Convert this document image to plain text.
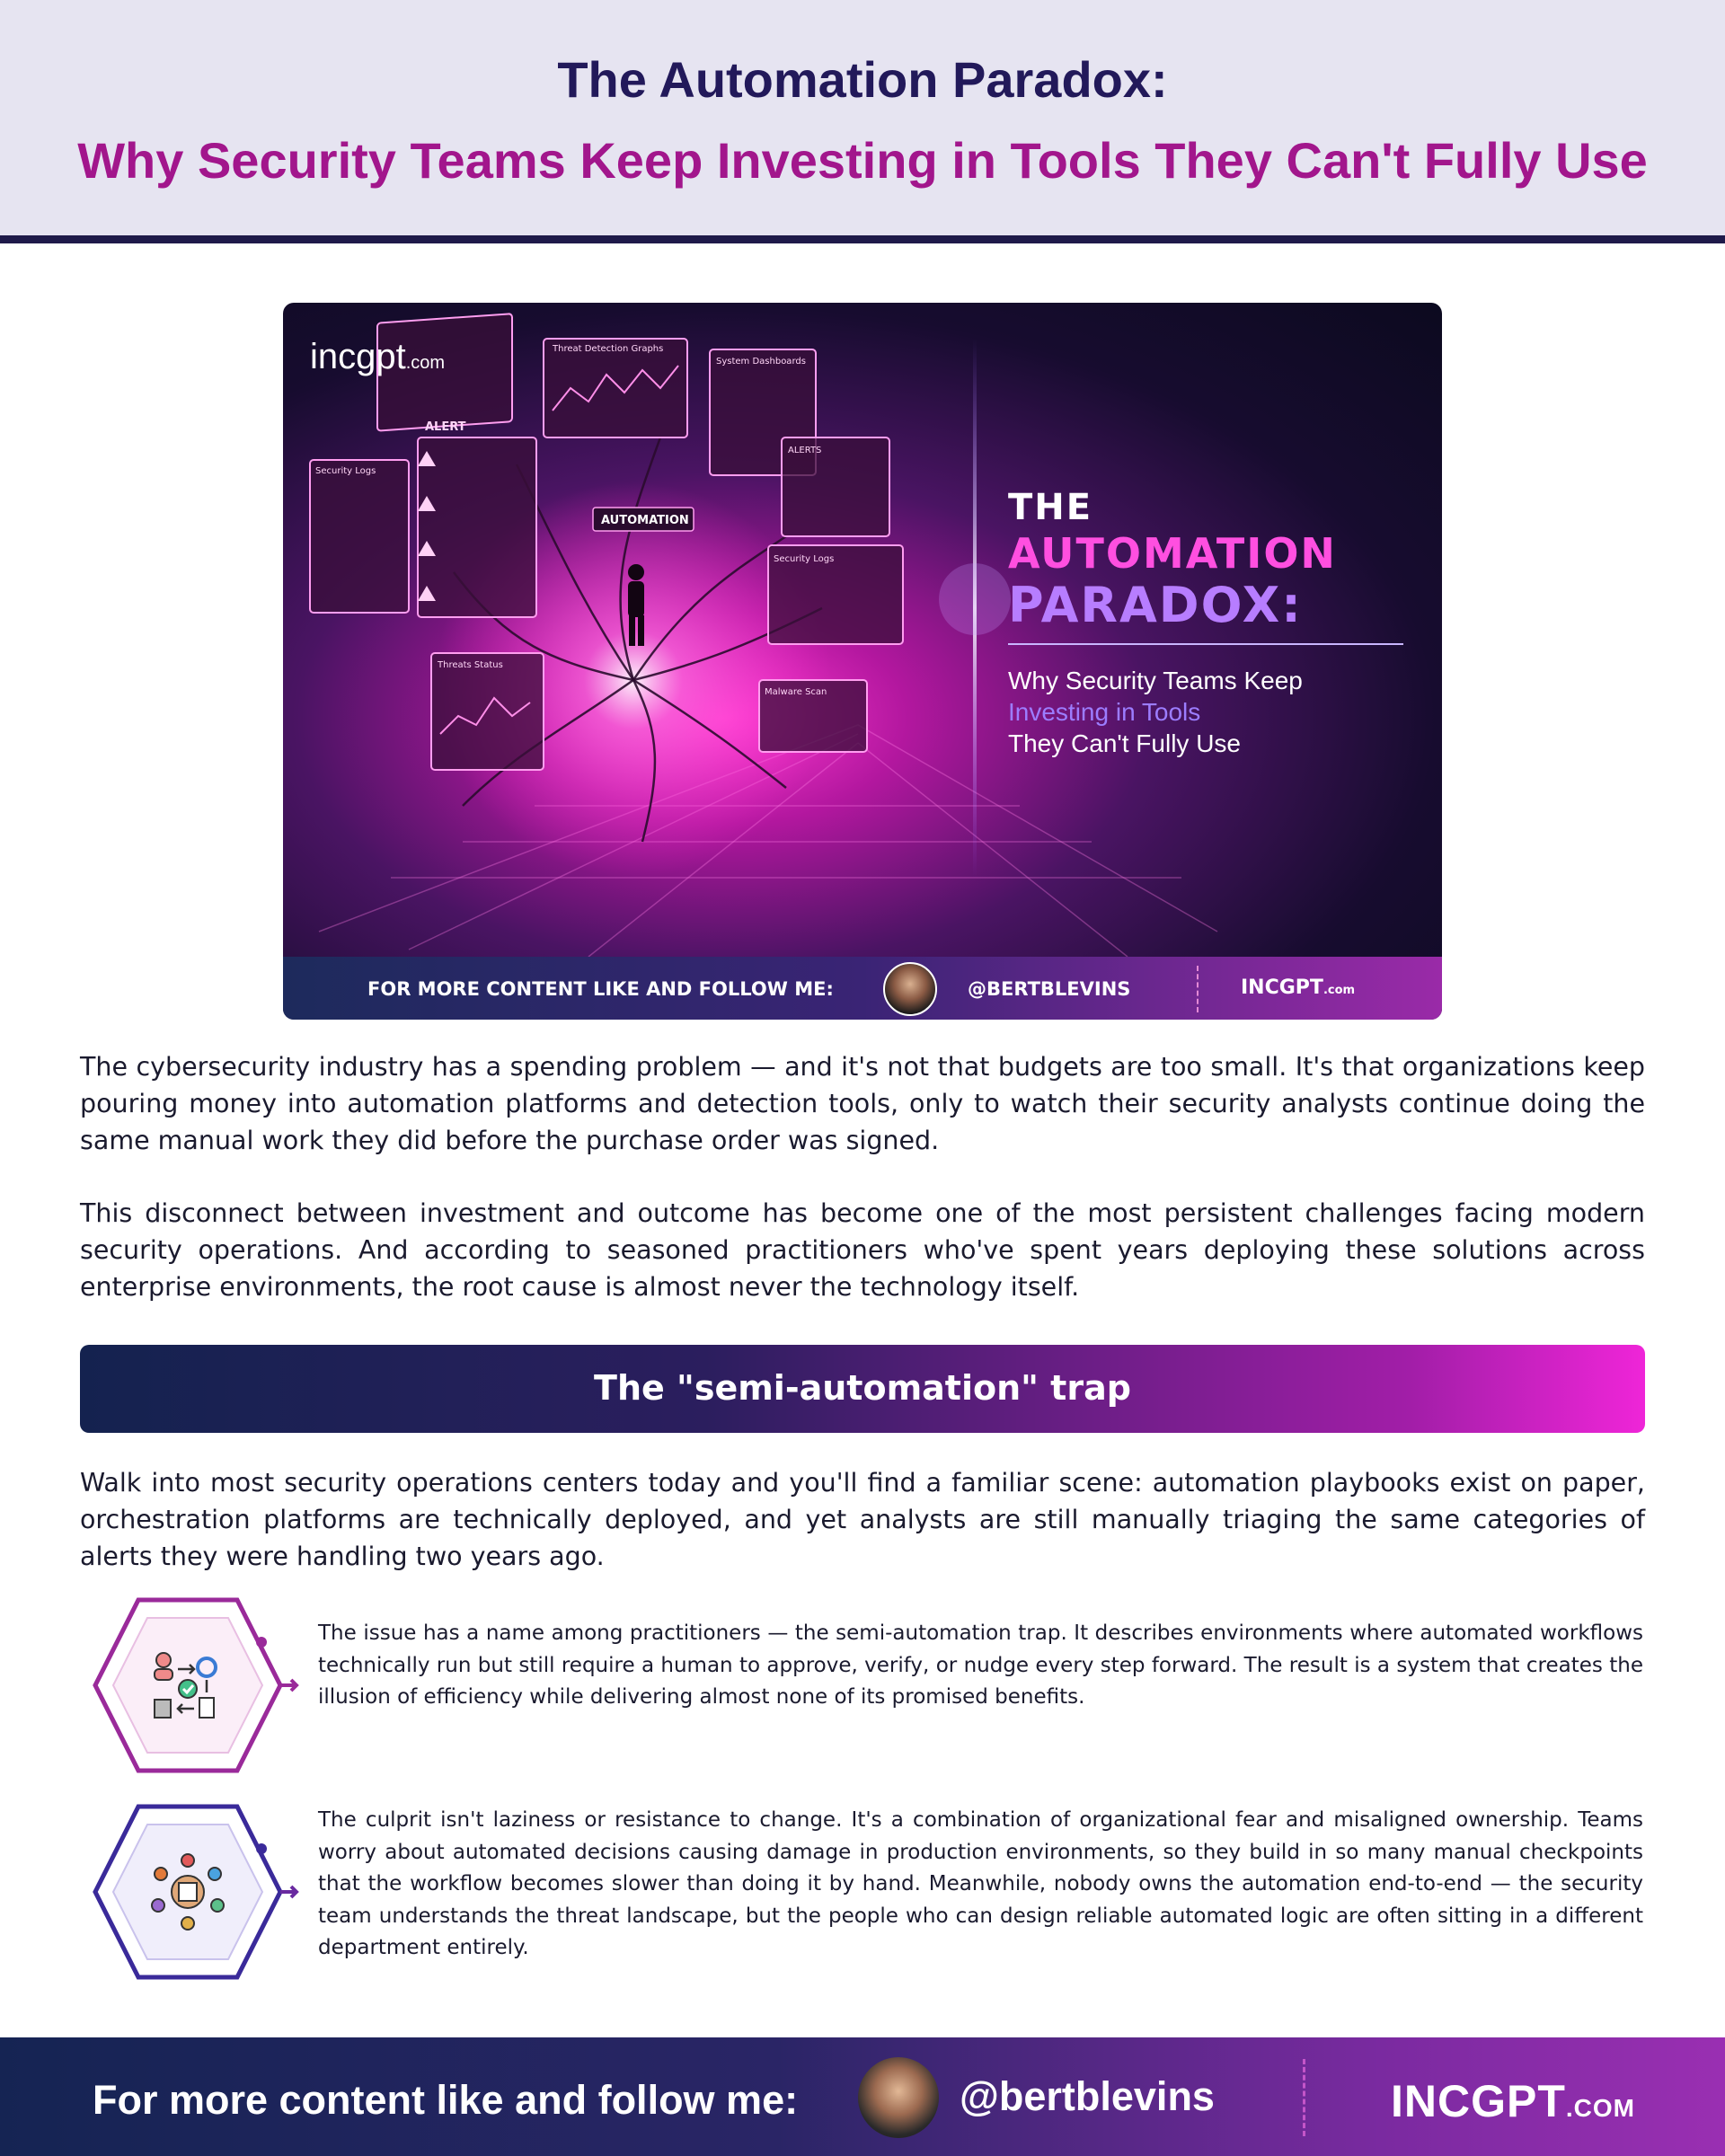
The Automation Paradox:
Why Security Teams Keep Investing in Tools They Can't Fully Use
Threat Detection Graphs
System Dashboards
Security Logs
ALERT
ALERTS
Security Logs
Malware Scan
Threats Status
AUTOMATION
incgpt.com
THE
AUTOMATION
PARADOX:
Why Security Teams Keep
Investing in Tools
They Can't Fully Use
FOR MORE CONTENT LIKE AND FOLLOW ME:	@BERTBLEVINS	INCGPT.com

The cybersecurity industry has a spending problem — and it's not that budgets are too small. It's that organizations keep pouring money into automation platforms and detection tools, only to watch their security analysts continue doing the same manual work they did before the purchase order was signed.

This disconnect between investment and outcome has become one of the most persistent challenges facing modern security operations. And according to seasoned practitioners who've spent years deploying these solutions across enterprise environments, the root cause is almost never the technology itself.

The "semi-automation" trap

Walk into most security operations centers today and you'll find a familiar scene: automation playbooks exist on paper, orchestration platforms are technically deployed, and yet analysts are still manually triaging the same categories of alerts they were handling two years ago.

The issue has a name among practitioners — the semi-automation trap. It describes environments where automated workflows technically run but still require a human to approve, verify, or nudge every step forward. The result is a system that creates the illusion of efficiency while delivering almost none of its promised benefits.

The culprit isn't laziness or resistance to change. It's a combination of organizational fear and misaligned ownership. Teams worry about automated decisions causing damage in production environments, so they build in so many manual checkpoints that the workflow becomes slower than doing it by hand. Meanwhile, nobody owns the automation end-to-end — the security team understands the threat landscape, but the people who can design reliable automated logic are often sitting in a different department entirely.

For more content like and follow me:	@bertblevins	INCGPT.COM
